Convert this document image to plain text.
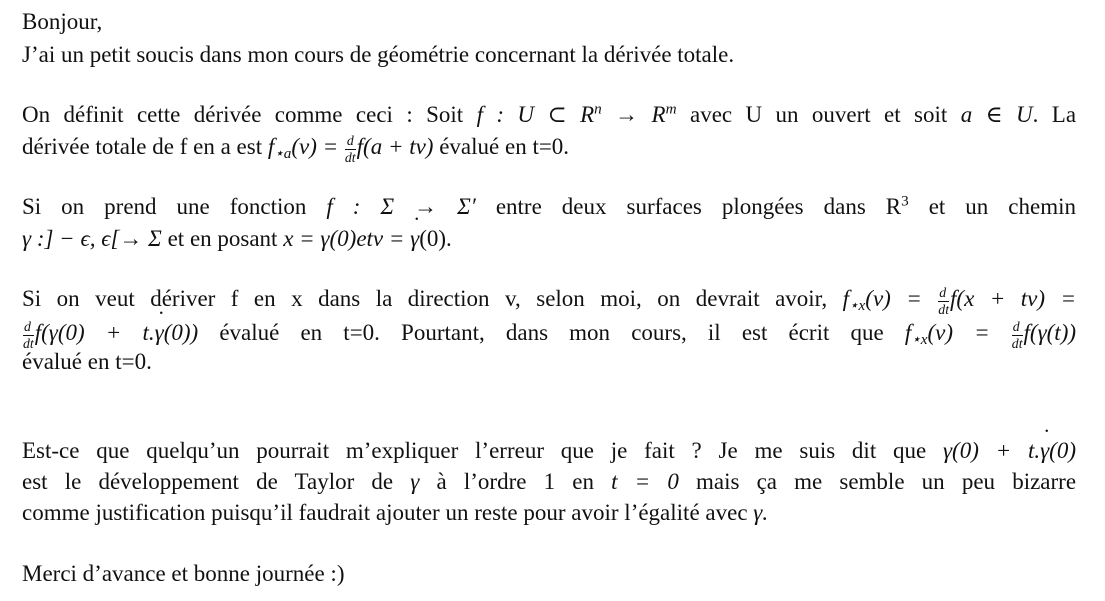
Bonjour,
J’ai un petit soucis dans mon cours de géométrie concernant la dérivée totale.
On définit cette dérivée comme ceci : Soit f : U ⊂ $R^n \to R^m$ avec U un ouvert et soit a ∈ U. La
dérivée totale de f en a est $f_{⋆a}(v) = \frac{d}{dt} f(a + tv)$ évalué en t=0.
Si on prend une fonction f : Σ → Σ′ entre deux surfaces plongées dans $R^3$ et un chemin
γ :] − ϵ, ϵ[→ Σ et en posant x = γ(0)etv = γ ˙(0).
Si on veut dériver f en x dans la direction v, selon moi, on devrait avoir, $f_{⋆x}(v) = \frac{d}{dt} f(x + tv)$ =
$\frac{d}{dt} f(\gamma(0) + t.\gamma$ ˙(0)) évalué en t=0. Pourtant, dans mon cours, il est écrit que $f_{⋆x}(v) = \frac{d}{dt} f(\gamma(t))$
évalué en t=0.
Est-ce que quelqu’un pourrait m’expliquer l’erreur que je fait ? Je me suis dit que γ(0) + t.γ ˙(0)
est le développement de Taylor de γ à l’ordre 1 en t = 0 mais ça me semble un peu bizarre
comme justification puisqu’il faudrait ajouter un reste pour avoir l’égalité avec γ.
Merci d’avance et bonne journée :)
